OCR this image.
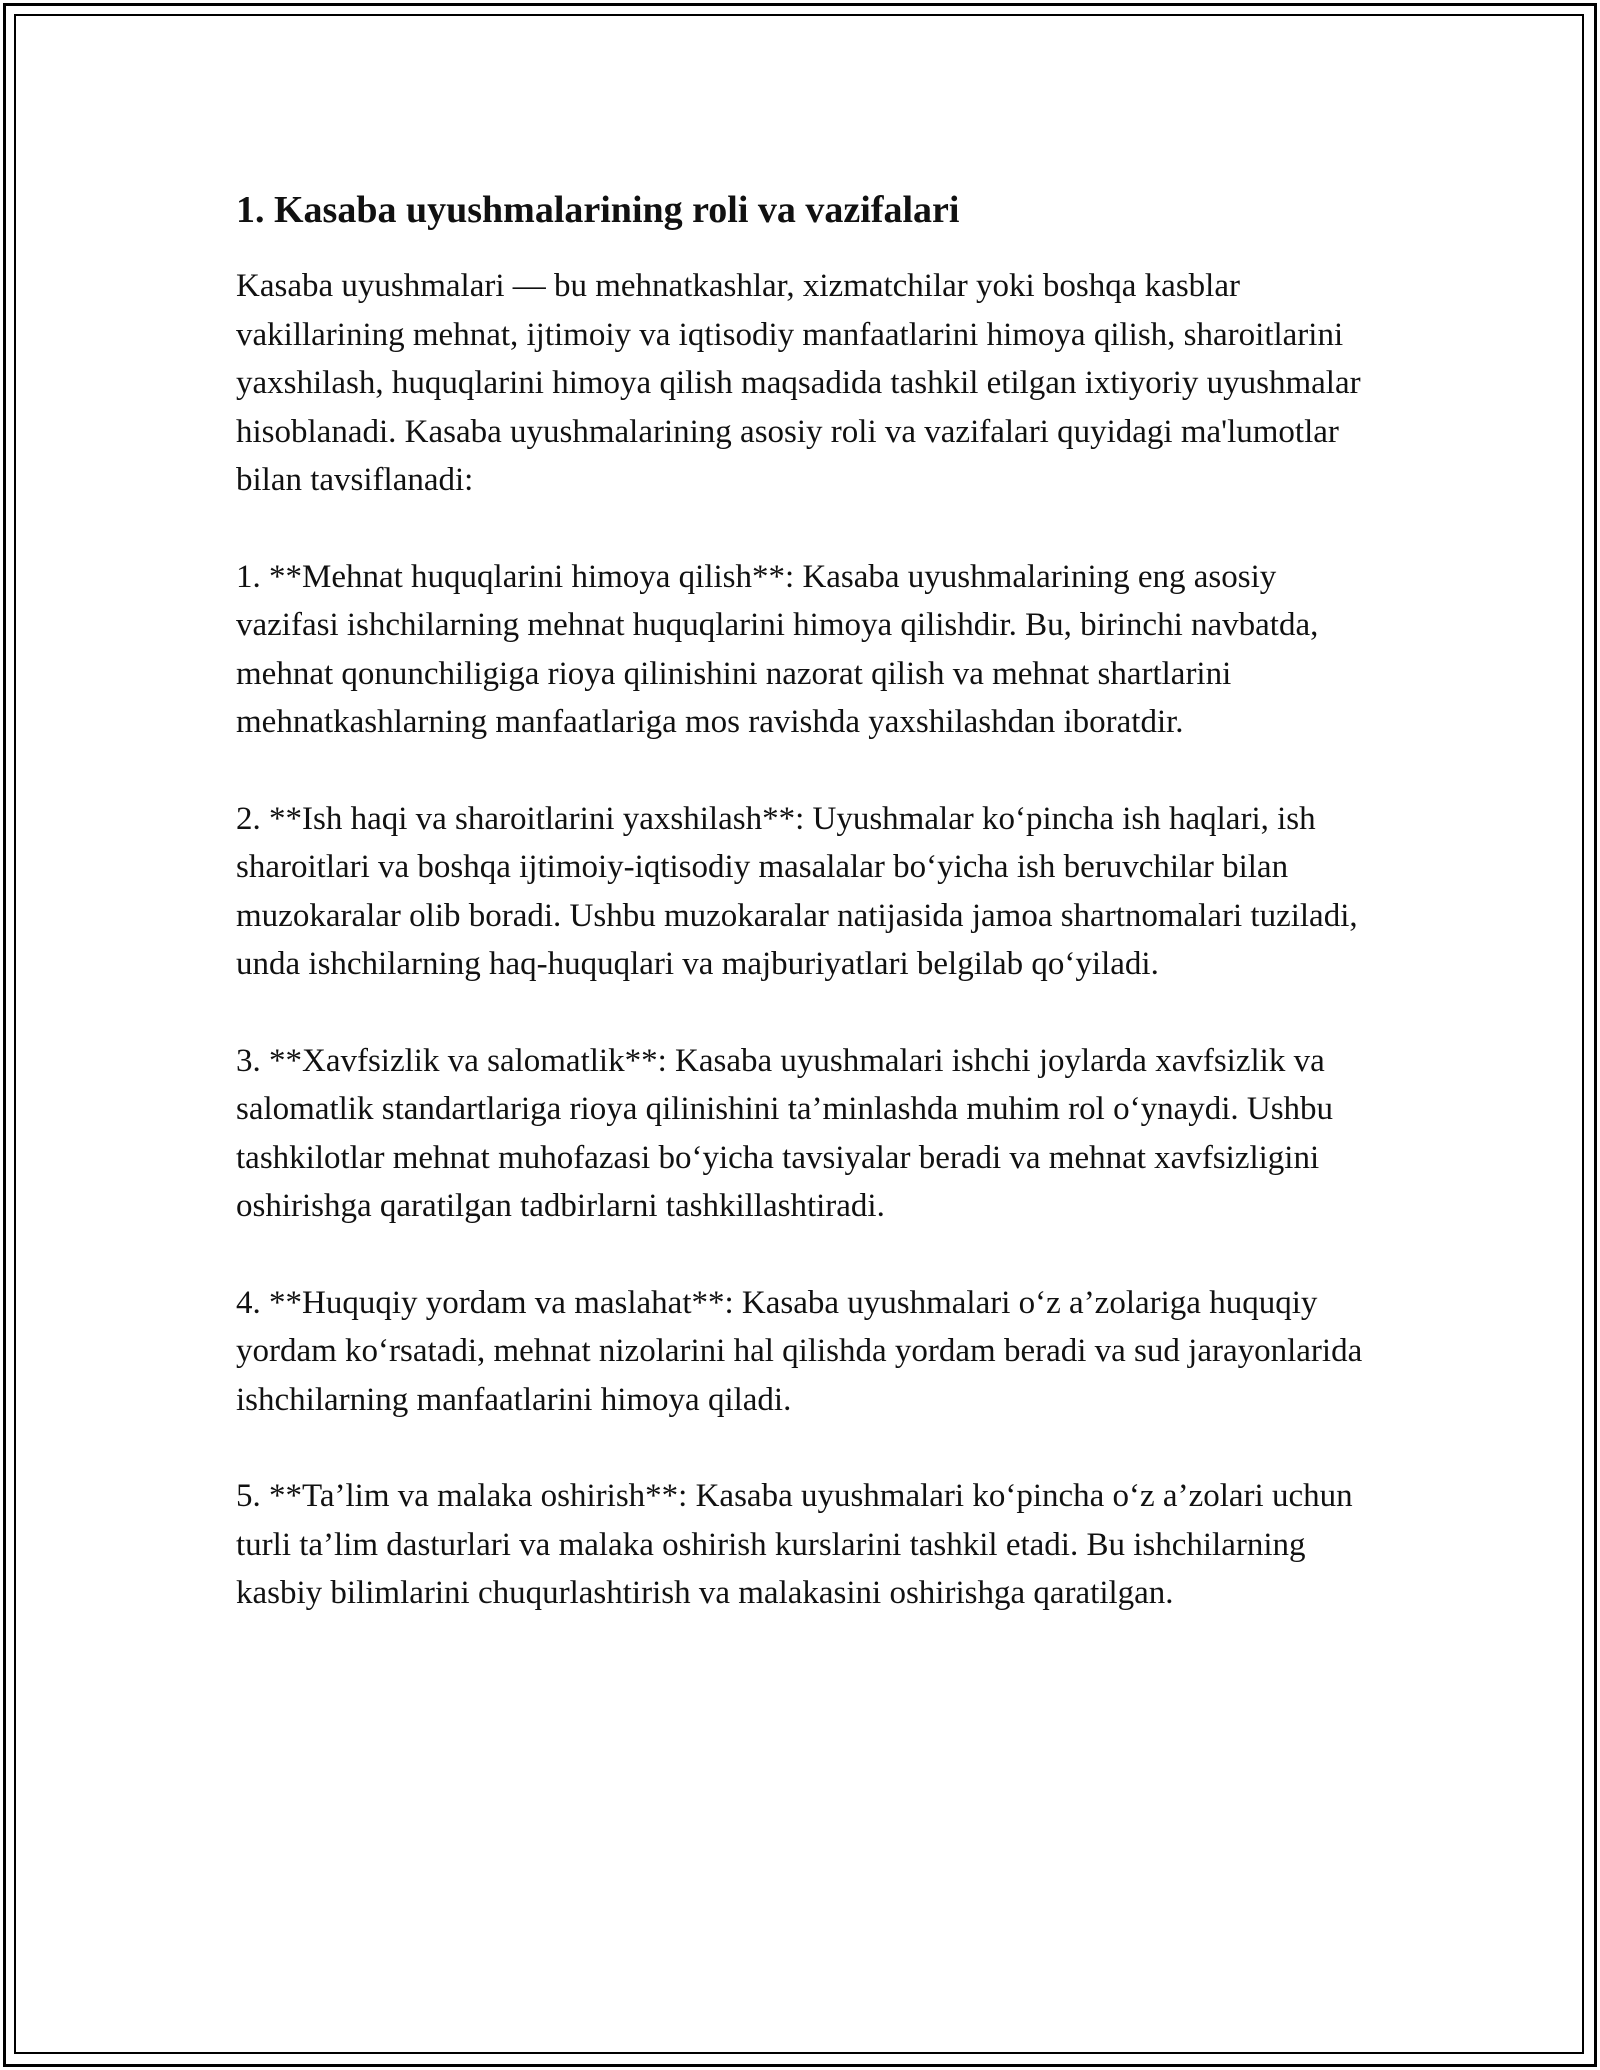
1. Kasaba uyushmalarining roli va vazifalari

Kasaba uyushmalari — bu mehnatkashlar, xizmatchilar yoki boshqa kasblar vakillarining mehnat, ijtimoiy va iqtisodiy manfaatlarini himoya qilish, sharoitlarini yaxshilash, huquqlarini himoya qilish maqsadida tashkil etilgan ixtiyoriy uyushmalar hisoblanadi. Kasaba uyushmalarining asosiy roli va vazifalari quyidagi ma'lumotlar bilan tavsiflanadi:

1. **Mehnat huquqlarini himoya qilish**: Kasaba uyushmalarining eng asosiy vazifasi ishchilarning mehnat huquqlarini himoya qilishdir. Bu, birinchi navbatda, mehnat qonunchiligiga rioya qilinishini nazorat qilish va mehnat shartlarini mehnatkashlarning manfaatlariga mos ravishda yaxshilashdan iboratdir.

2. **Ish haqi va sharoitlarini yaxshilash**: Uyushmalar koʻpincha ish haqlari, ish sharoitlari va boshqa ijtimoiy-iqtisodiy masalalar boʻyicha ish beruvchilar bilan muzokaralar olib boradi. Ushbu muzokaralar natijasida jamoa shartnomalari tuziladi, unda ishchilarning haq-huquqlari va majburiyatlari belgilab qoʻyiladi.

3. **Xavfsizlik va salomatlik**: Kasaba uyushmalari ishchi joylarda xavfsizlik va salomatlik standartlariga rioya qilinishini ta’minlashda muhim rol oʻynaydi. Ushbu tashkilotlar mehnat muhofazasi boʻyicha tavsiyalar beradi va mehnat xavfsizligini oshirishga qaratilgan tadbirlarni tashkillashtiradi.

4. **Huquqiy yordam va maslahat**: Kasaba uyushmalari oʻz a’zolariga huquqiy yordam koʻrsatadi, mehnat nizolarini hal qilishda yordam beradi va sud jarayonlarida ishchilarning manfaatlarini himoya qiladi.

5. **Ta’lim va malaka oshirish**: Kasaba uyushmalari koʻpincha oʻz a’zolari uchun turli ta’lim dasturlari va malaka oshirish kurslarini tashkil etadi. Bu ishchilarning kasbiy bilimlarini chuqurlashtirish va malakasini oshirishga qaratilgan.
